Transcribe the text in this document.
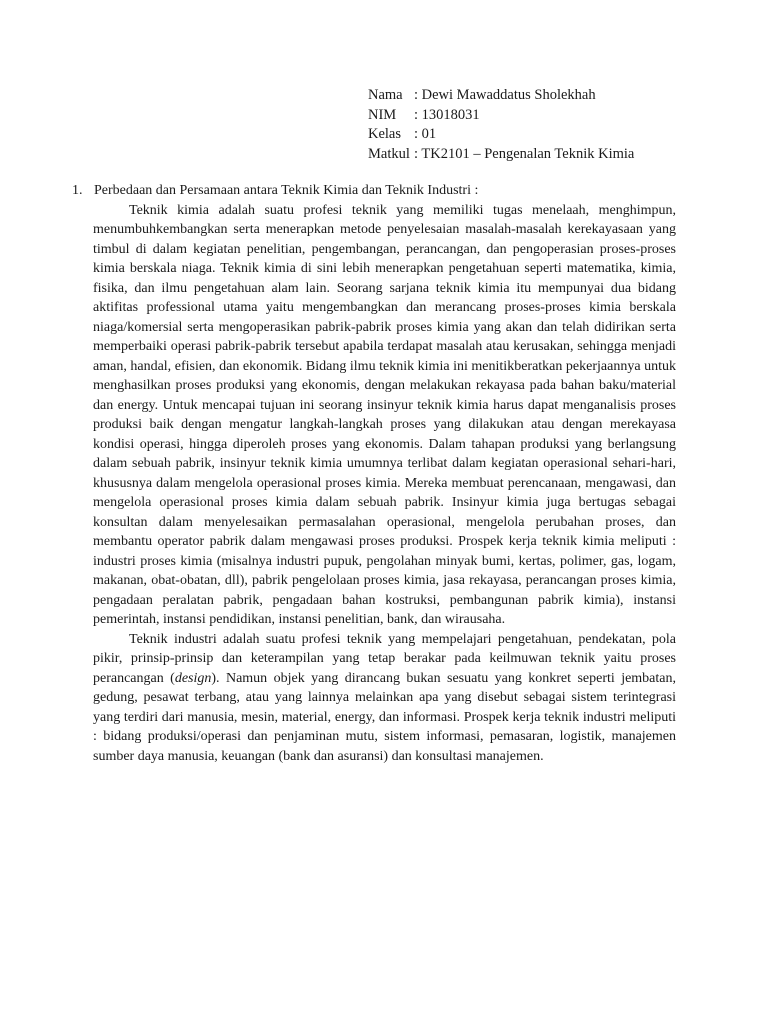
Nama : Dewi Mawaddatus Sholekhah
NIM	: 13018031
Kelas : 01
Matkul : TK2101 – Pengenalan Teknik Kimia
1. Perbedaan dan Persamaan antara Teknik Kimia dan Teknik Industri :

Teknik kimia adalah suatu profesi teknik yang memiliki tugas menelaah, menghimpun, menumbuhkembangkan serta menerapkan metode penyelesaian masalah-masalah kerekayasaan yang timbul di dalam kegiatan penelitian, pengembangan, perancangan, dan pengoperasian proses-proses kimia berskala niaga. Teknik kimia di sini lebih menerapkan pengetahuan seperti matematika, kimia, fisika, dan ilmu pengetahuan alam lain. Seorang sarjana teknik kimia itu mempunyai dua bidang aktifitas professional utama yaitu mengembangkan dan merancang proses-proses kimia berskala niaga/komersial serta mengoperasikan pabrik-pabrik proses kimia yang akan dan telah didirikan serta memperbaiki operasi pabrik-pabrik tersebut apabila terdapat masalah atau kerusakan, sehingga menjadi aman, handal, efisien, dan ekonomik. Bidang ilmu teknik kimia ini menitikberatkan pekerjaannya untuk menghasilkan proses produksi yang ekonomis, dengan melakukan rekayasa pada bahan baku/material dan energy. Untuk mencapai tujuan ini seorang insinyur teknik kimia harus dapat menganalisis proses produksi baik dengan mengatur langkah-langkah proses yang dilakukan atau dengan merekayasa kondisi operasi, hingga diperoleh proses yang ekonomis. Dalam tahapan produksi yang berlangsung dalam sebuah pabrik, insinyur teknik kimia umumnya terlibat dalam kegiatan operasional sehari-hari, khususnya dalam mengelola operasional proses kimia. Mereka membuat perencanaan, mengawasi, dan mengelola operasional proses kimia dalam sebuah pabrik. Insinyur kimia juga bertugas sebagai konsultan dalam menyelesaikan permasalahan operasional, mengelola perubahan proses, dan membantu operator pabrik dalam mengawasi proses produksi. Prospek kerja teknik kimia meliputi : industri proses kimia (misalnya industri pupuk, pengolahan minyak bumi, kertas, polimer, gas, logam, makanan, obat-obatan, dll), pabrik pengelolaan proses kimia, jasa rekayasa, perancangan proses kimia, pengadaan peralatan pabrik, pengadaan bahan kostruksi, pembangunan pabrik kimia), instansi pemerintah, instansi pendidikan, instansi penelitian, bank, dan wirausaha.

Teknik industri adalah suatu profesi teknik yang mempelajari pengetahuan, pendekatan, pola pikir, prinsip-prinsip dan keterampilan yang tetap berakar pada keilmuwan teknik yaitu proses perancangan (design). Namun objek yang dirancang bukan sesuatu yang konkret seperti jembatan, gedung, pesawat terbang, atau yang lainnya melainkan apa yang disebut sebagai sistem terintegrasi yang terdiri dari manusia, mesin, material, energy, dan informasi. Prospek kerja teknik industri meliputi : bidang produksi/operasi dan penjaminan mutu, sistem informasi, pemasaran, logistik, manajemen sumber daya manusia, keuangan (bank dan asuransi) dan konsultasi manajemen.
